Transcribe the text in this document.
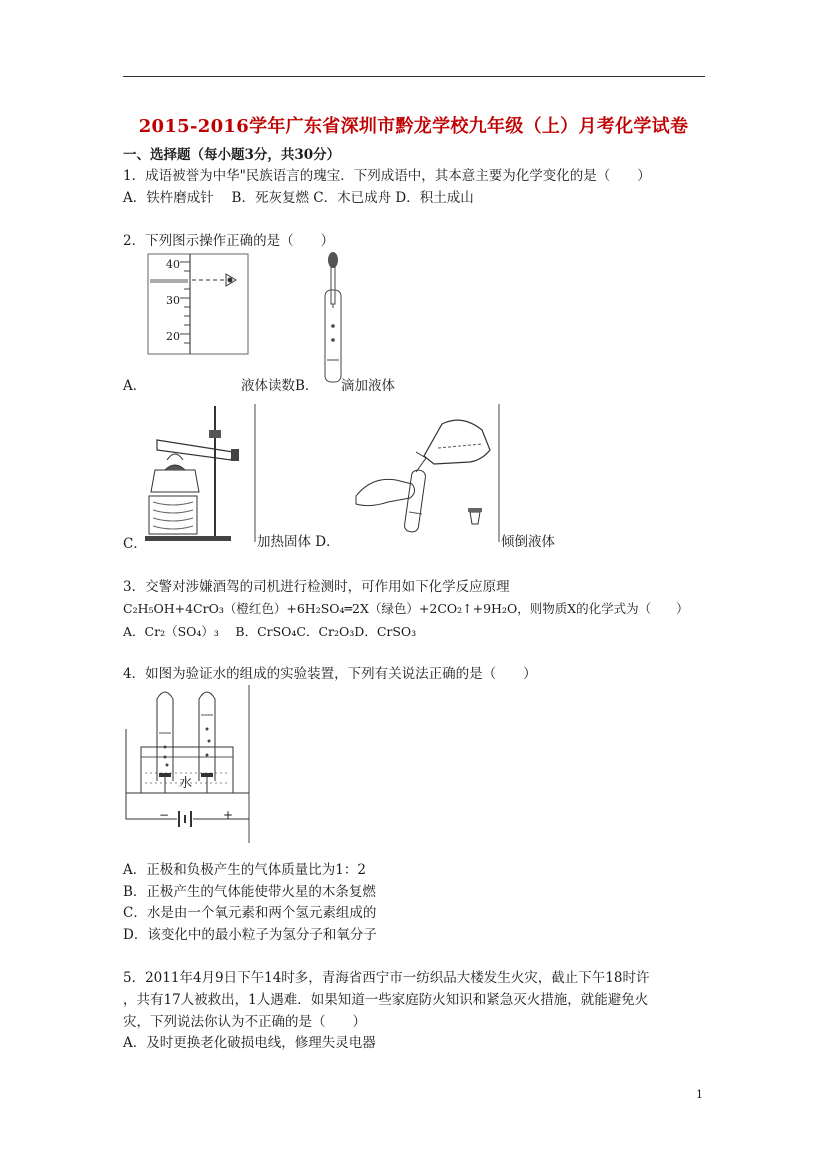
2015-2016学年广东省深圳市黔龙学校九年级（上）月考化学试卷
一、选择题（每小题3分，共30分）
1．成语被誉为中华"民族语言的瑰宝．下列成语中，其本意主要为化学变化的是（　　）
A．铁杵磨成针　 B．死灰复燃 C．木已成舟 D．积土成山
2．下列图示操作正确的是（　　）
40
30
20
A．	液体读数B． 滴加液体
C．	加热固体 D．	倾倒液体
3．交警对涉嫌酒驾的司机进行检测时，可作用如下化学反应原理
C₂H₅OH+4CrO₃（橙红色）+6H₂SO₄═2X（绿色）+2CO₂↑+9H₂O，则物质X的化学式为（　　）
A．Cr₂（SO₄）₃　 B．CrSO₄C．Cr₂O₃D．CrSO₃
4．如图为验证水的组成的实验装置，下列有关说法正确的是（　　）
水
−	+
A．正极和负极产生的气体质量比为1：2
B．正极产生的气体能使带火星的木条复燃
C．水是由一个氧元素和两个氢元素组成的
D．该变化中的最小粒子为氢分子和氧分子
5．2011年4月9日下午14时多，青海省西宁市一纺织品大楼发生火灾，截止下午18时许
，共有17人被救出，1人遇难．如果知道一些家庭防火知识和紧急灭火措施，就能避免火
灾，下列说法你认为不正确的是（　　）
A．及时更换老化破损电线，修理失灵电器
1
